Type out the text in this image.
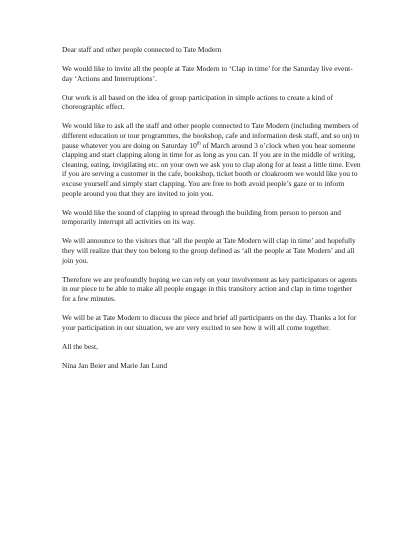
Dear staff and other people connected to Tate Modern

We would like to invite all the people at Tate Modern to ‘Clap in time’ for the Saturday live event-day ‘Actions and Interruptions’.

Our work is all based on the idea of group participation in simple actions to create a kind of choreographic effect.

We would like to ask all the staff and other people connected to Tate Modern (including members of different education or tour programmes, the bookshop, cafe and information desk staff, and so on) to pause whatever you are doing on Saturday 10th of March around 3 o’clock when you hear someone clapping and start clapping along in time for as long as you can. If you are in the middle of writing, cleaning, eating, invigilating etc. on your own we ask you to clap along for at least a little time. Even if you are serving a customer in the cafe, bookshop, ticket booth or cloakroom we would like you to excuse yourself and simply start clapping. You are free to both avoid people’s gaze or to inform people around you that they are invited to join you.

We would like the sound of clapping to spread through the building from person to person and temporarily interrupt all activities on its way.

We will announce to the visitors that ‘all the people at Tate Modern will clap in time’ and hopefully they will realize that they too belong to the group defined as ‘all the people at Tate Modern’ and all join you.

Therefore we are profoundly hoping we can rely on your involvement as key participators or agents in our piece to be able to make all people engage in this transitory action and clap in time together for a few minutes.

We will be at Tate Modern to discuss the piece and brief all participants on the day. Thanks a lot for your participation in our situation, we are very excited to see how it will all come together.

All the best,

Nina Jan Beier and Marie Jan Lund
